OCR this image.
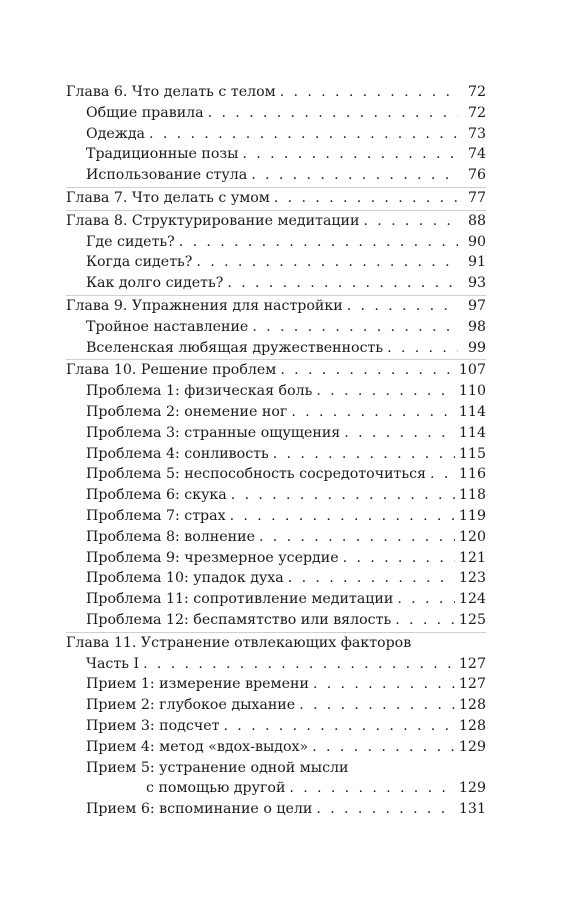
Глава 6. Что делать с телом . . .	72
Общие правила . . .	72
Одежда . . .	73
Традиционные позы . . .	74
Использование стула . . .	76
Глава 7. Что делать с умом . . .	77
Глава 8. Структурирование медитации . . .	88
Где сидеть? . . .	90
Когда сидеть? . . .	91
Как долго сидеть? . . .	93
Глава 9. Упражнения для настройки . . .	97
Тройное наставление . . .	98
Вселенская любящая дружественность . . .	99
Глава 10. Решение проблем . . .	107
Проблема 1: физическая боль . . .	110
Проблема 2: онемение ног . . .	114
Проблема 3: странные ощущения . . .	114
Проблема 4: сонливость . . .	115
Проблема 5: неспособность сосредоточиться . . . 116
Проблема 6: скука . . .	118
Проблема 7: страх . . .	119
Проблема 8: волнение . . .	120
Проблема 9: чрезмерное усердие . . .	121
Проблема 10: упадок духа . . .	123
Проблема 11: сопротивление медитации . . .	124
Проблема 12: беспамятство или вялость . . .	125
Глава 11. Устранение отвлекающих факторов
Часть I . . .	127
Прием 1: измерение времени . . .	127
Прием 2: глубокое дыхание . . .	128
Прием 3: подсчет . . .	128
Прием 4: метод «вдох-выдох» . . .	129
Прием 5: устранение одной мысли
с помощью другой . . .	129
Прием 6: вспоминание о цели . . .	131
